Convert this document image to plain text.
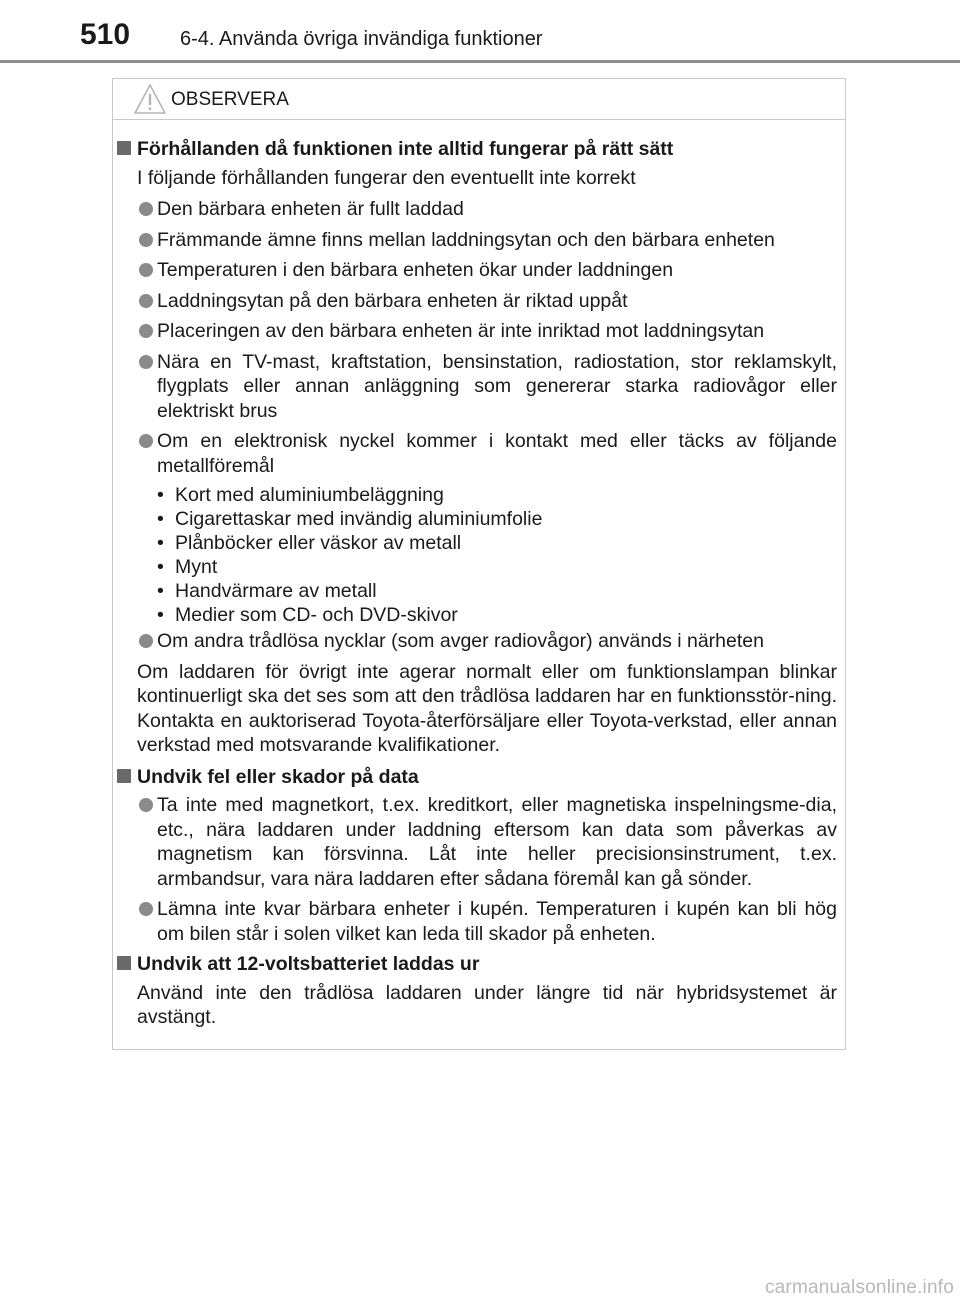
510 6-4. Använda övriga invändiga funktioner
OBSERVERA
Förhållanden då funktionen inte alltid fungerar på rätt sätt
I följande förhållanden fungerar den eventuellt inte korrekt
Den bärbara enheten är fullt laddad
Främmande ämne finns mellan laddningsytan och den bärbara enheten
Temperaturen i den bärbara enheten ökar under laddningen
Laddningsytan på den bärbara enheten är riktad uppåt
Placeringen av den bärbara enheten är inte inriktad mot laddningsytan
Nära en TV-mast, kraftstation, bensinstation, radiostation, stor reklamskylt, flygplats eller annan anläggning som genererar starka radiovågor eller elektriskt brus
Om en elektronisk nyckel kommer i kontakt med eller täcks av följande metallföremål
• Kort med aluminiumbeläggning
• Cigarettaskar med invändig aluminiumfolie
• Plånböcker eller väskor av metall
• Mynt
• Handvärmare av metall
• Medier som CD- och DVD-skivor
Om andra trådlösa nycklar (som avger radiovågor) används i närheten
Om laddaren för övrigt inte agerar normalt eller om funktionslampan blinkar kontinuerligt ska det ses som att den trådlösa laddaren har en funktionsstör-ning. Kontakta en auktoriserad Toyota-återförsäljare eller Toyota-verkstad, eller annan verkstad med motsvarande kvalifikationer.
Undvik fel eller skador på data
Ta inte med magnetkort, t.ex. kreditkort, eller magnetiska inspelningsme-dia, etc., nära laddaren under laddning eftersom kan data som påverkas av magnetism kan försvinna. Låt inte heller precisionsinstrument, t.ex. armbandsur, vara nära laddaren efter sådana föremål kan gå sönder.
Lämna inte kvar bärbara enheter i kupén. Temperaturen i kupén kan bli hög om bilen står i solen vilket kan leda till skador på enheten.
Undvik att 12-voltsbatteriet laddas ur
Använd inte den trådlösa laddaren under längre tid när hybridsystemet är avstängt.
carmanualsonline.info
